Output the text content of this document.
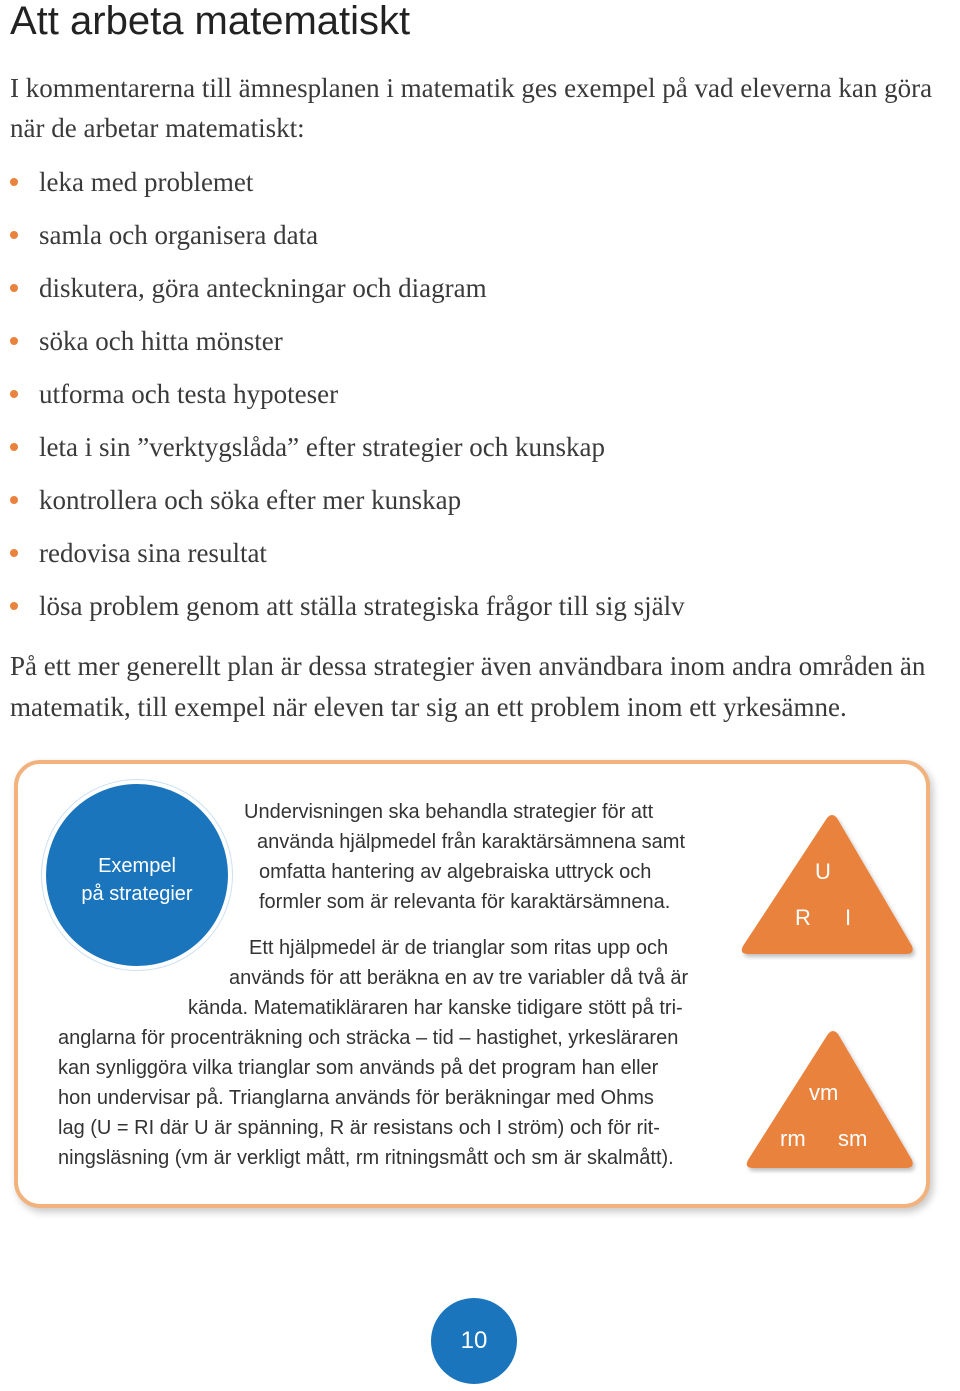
Att arbeta matematiskt

I kommentarerna till ämnesplanen i matematik ges exempel på vad eleverna kan göra när de arbetar matematiskt:

leka med problemet
samla och organisera data
diskutera, göra anteckningar och diagram
söka och hitta mönster
utforma och testa hypoteser
leta i sin ”verktygslåda” efter strategier och kunskap
kontrollera och söka efter mer kunskap
redovisa sina resultat
lösa problem genom att ställa strategiska frågor till sig själv

På ett mer generellt plan är dessa strategier även användbara inom andra områden än matematik, till exempel när eleven tar sig an ett problem inom ett yrkesämne.

Exempel
på strategier
Undervisningen ska behandla strategier för att
använda hjälpmedel från karaktärsämnena samt
omfatta hantering av algebraiska uttryck och
formler som är relevanta för karaktärsämnena.
Ett hjälpmedel är de trianglar som ritas upp och
används för att beräkna en av tre variabler då två är
kända. Matematikläraren har kanske tidigare stött på tri-
anglarna för procenträkning och sträcka – tid – hastighet, yrkesläraren
kan synliggöra vilka trianglar som används på det program han eller
hon undervisar på. Trianglarna används för beräkningar med Ohms
lag (U = RI där U är spänning, R är resistans och I ström) och för rit-
ningsläsning (vm är verkligt mått, rm ritningsmått och sm är skalmått).
U
R I
vm
rm sm
10
